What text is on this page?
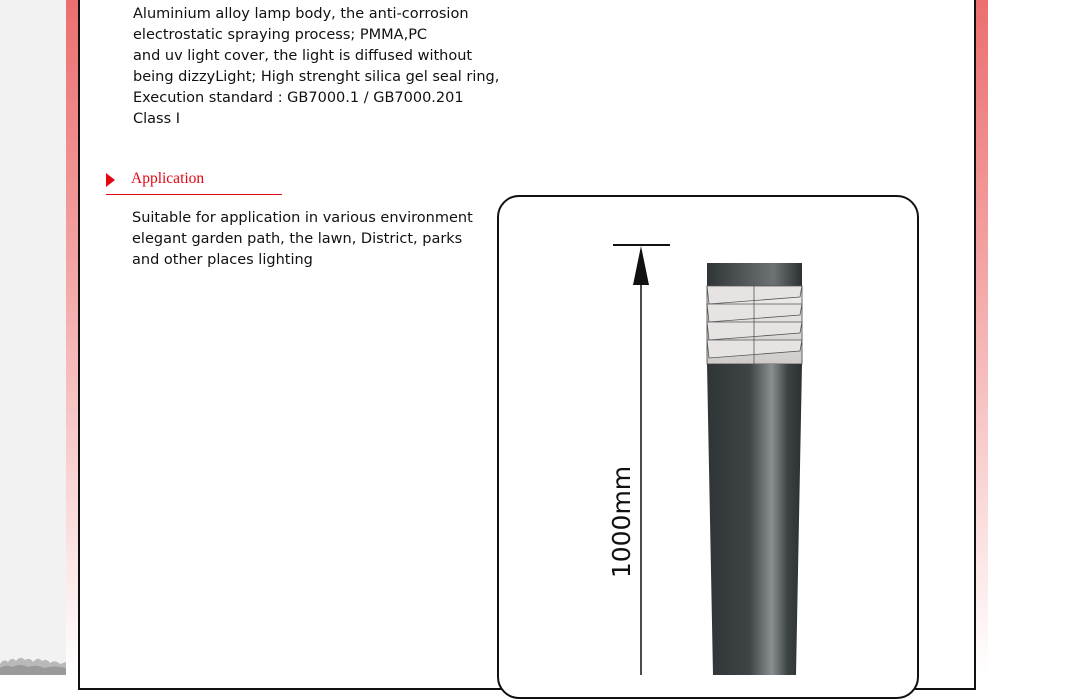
Aluminium alloy lamp body, the anti-corrosion
electrostatic spraying process; PMMA,PC
and uv light cover, the light is diffused without
being dizzyLight; High strenght silica gel seal ring,
Execution standard : GB7000.1 / GB7000.201
Class I
Application
Suitable for application in various environment
elegant garden path, the lawn, District, parks
and other places lighting
1000mm
